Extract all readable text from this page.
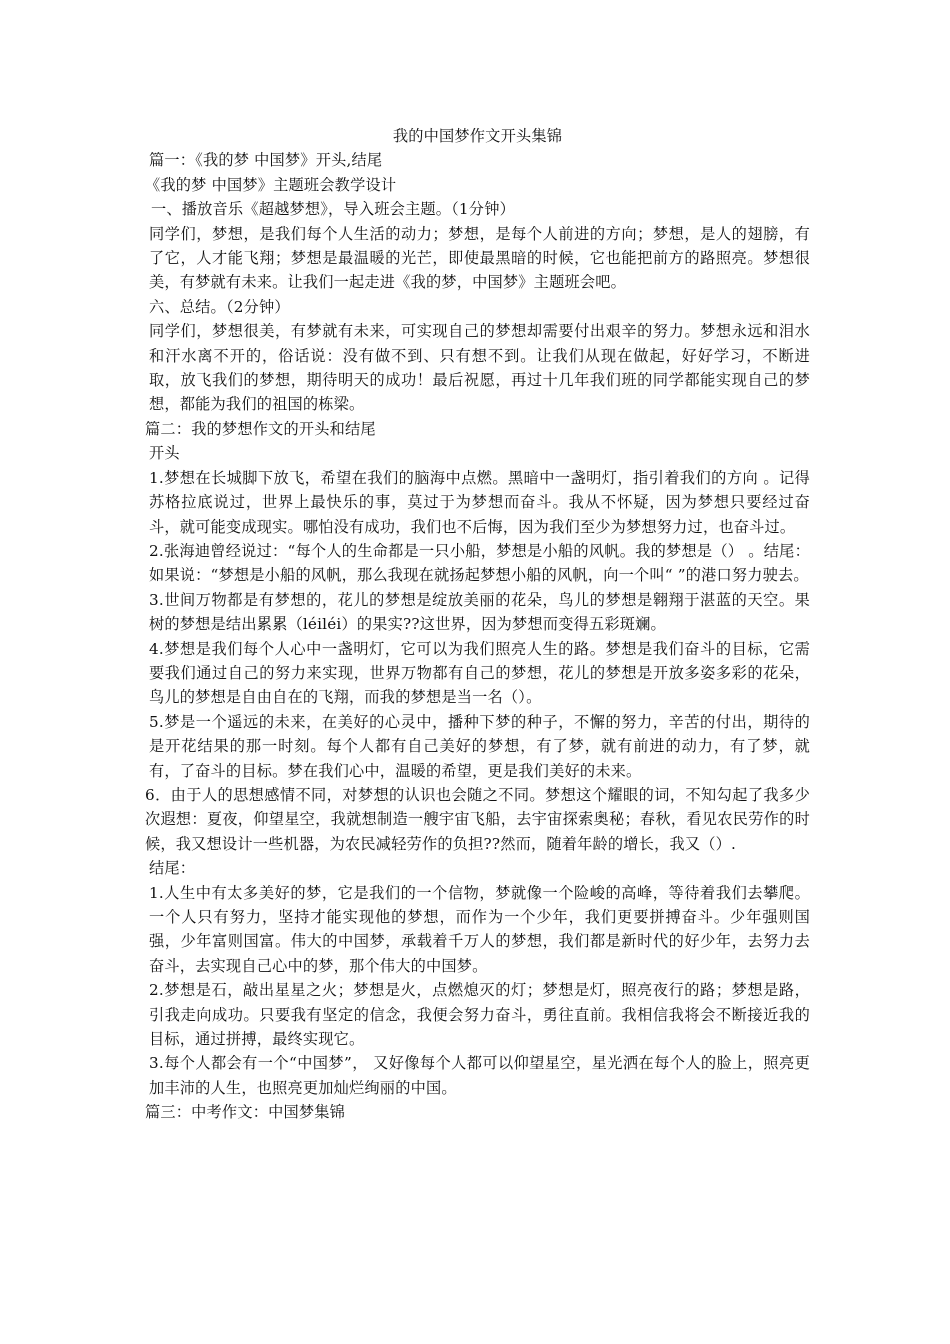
我的中国梦作文开头集锦

篇一：《我的梦 中国梦》开头,结尾

《我的梦 中国梦》主题班会教学设计

一、播放音乐《超越梦想》，导入班会主题。（1分钟）

同学们，梦想，是我们每个人生活的动力；梦想，是每个人前进的方向；梦想，是人的翅膀，有了它，人才能飞翔；梦想是最温暖的光芒，即使最黑暗的时候，它也能把前方的路照亮。梦想很美，有梦就有未来。让我们一起走进《我的梦，中国梦》主题班会吧。

六、总结。（2分钟）

同学们，梦想很美，有梦就有未来，可实现自己的梦想却需要付出艰辛的努力。梦想永远和泪水和汗水离不开的，俗话说：没有做不到、只有想不到。让我们从现在做起，好好学习，不断进取，放飞我们的梦想，期待明天的成功！最后祝愿，再过十几年我们班的同学都能实现自己的梦想，都能为我们的祖国的栋梁。

篇二：我的梦想作文的开头和结尾

开头

1.梦想在长城脚下放飞，希望在我们的脑海中点燃。黑暗中一盏明灯，指引着我们的方向 。记得苏格拉底说过，世界上最快乐的事，莫过于为梦想而奋斗。我从不怀疑，因为梦想只要经过奋斗，就可能变成现实。哪怕没有成功，我们也不后悔，因为我们至少为梦想努力过，也奋斗过。

2.张海迪曾经说过：“每个人的生命都是一只小船，梦想是小船的风帆。我的梦想是（） 。结尾：如果说：“梦想是小船的风帆，那么我现在就扬起梦想小船的风帆，向一个叫“ ”的港口努力驶去。

3.世间万物都是有梦想的，花儿的梦想是绽放美丽的花朵，鸟儿的梦想是翱翔于湛蓝的天空。果树的梦想是结出累累（léiléi）的果实??这世界，因为梦想而变得五彩斑斓。

4.梦想是我们每个人心中一盏明灯，它可以为我们照亮人生的路。梦想是我们奋斗的目标，它需要我们通过自己的努力来实现，世界万物都有自己的梦想，花儿的梦想是开放多姿多彩的花朵，鸟儿的梦想是自由自在的飞翔，而我的梦想是当一名（）。

5.梦是一个遥远的未来，在美好的心灵中，播种下梦的种子，不懈的努力，辛苦的付出，期待的是开花结果的那一时刻。每个人都有自己美好的梦想，有了梦，就有前进的动力，有了梦，就有，了奋斗的目标。梦在我们心中，温暖的希望，更是我们美好的未来。

6．由于人的思想感情不同，对梦想的认识也会随之不同。梦想这个耀眼的词，不知勾起了我多少次遐想：夏夜，仰望星空，我就想制造一艘宇宙飞船，去宇宙探索奥秘；春秋，看见农民劳作的时候，我又想设计一些机器，为农民减轻劳作的负担??然而，随着年龄的增长，我又（）.

结尾：

1.人生中有太多美好的梦，它是我们的一个信物，梦就像一个险峻的高峰，等待着我们去攀爬。一个人只有努力，坚持才能实现他的梦想，而作为一个少年，我们更要拼搏奋斗。少年强则国强，少年富则国富。伟大的中国梦，承载着千万人的梦想，我们都是新时代的好少年，去努力去奋斗，去实现自己心中的梦，那个伟大的中国梦。

2.梦想是石，敲出星星之火；梦想是火，点燃熄灭的灯；梦想是灯，照亮夜行的路；梦想是路，引我走向成功。只要我有坚定的信念，我便会努力奋斗，勇往直前。我相信我将会不断接近我的目标，通过拼搏，最终实现它。

3.每个人都会有一个“中国梦”， 又好像每个人都可以仰望星空，星光洒在每个人的脸上，照亮更加丰沛的人生，也照亮更加灿烂绚丽的中国。

篇三：中考作文：中国梦集锦
